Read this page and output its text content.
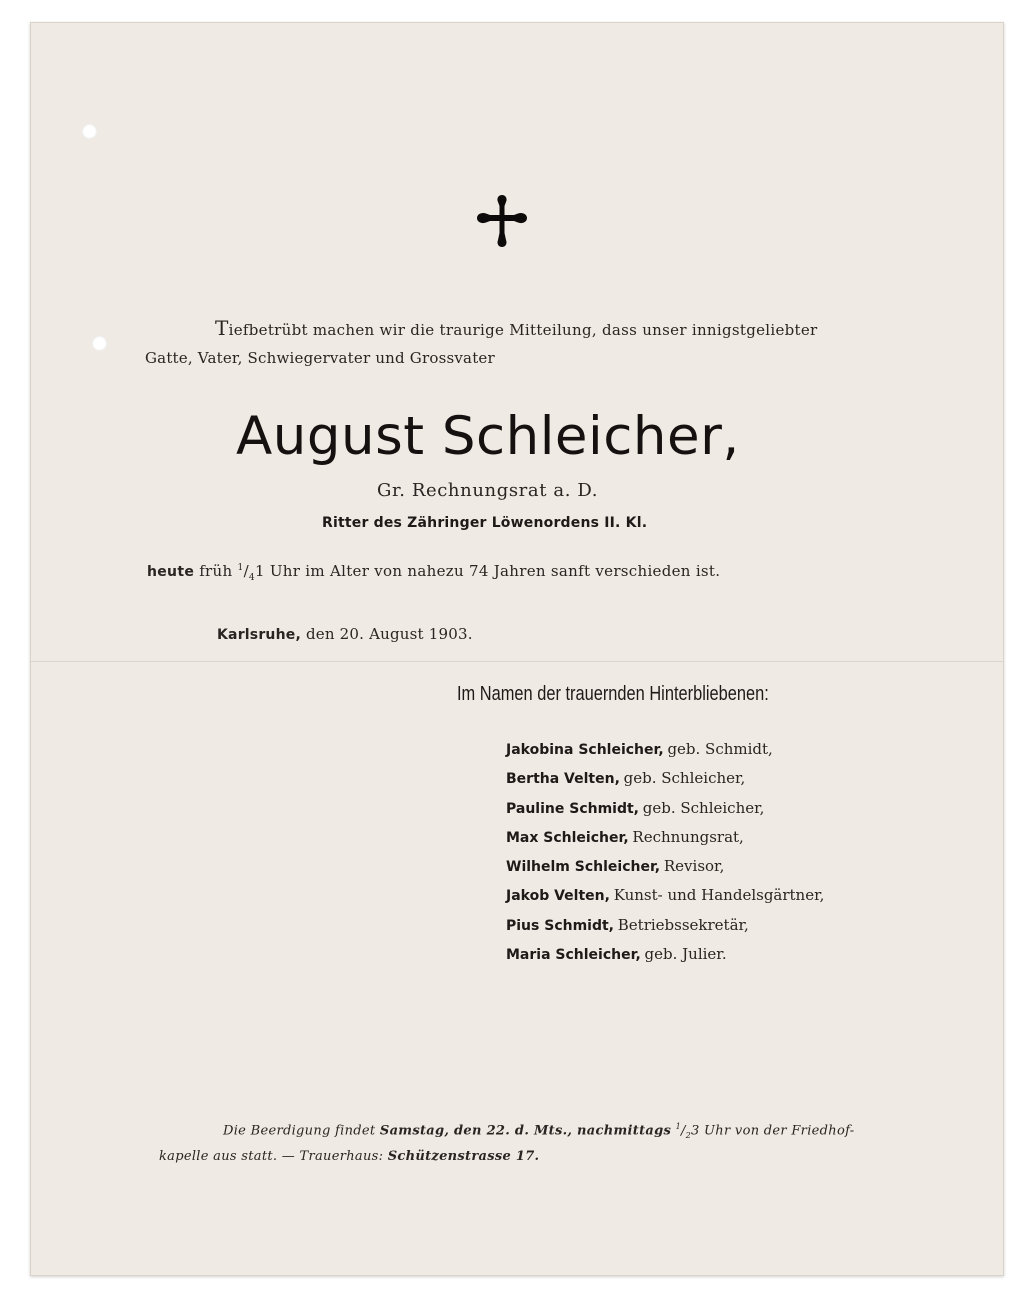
Tiefbetrübt machen wir die traurige Mitteilung, dass unser innigstgeliebter
Gatte, Vater, Schwiegervater und Grossvater
August Schleicher,
Gr. Rechnungsrat a. D.
Ritter des Zähringer Löwenordens II. Kl.
heute früh $^1/_41$ Uhr im Alter von nahezu 74 Jahren sanft verschieden ist.
Karlsruhe, den 20. August 1903.
Im Namen der trauernden Hinterbliebenen:
Jakobina Schleicher, geb. Schmidt,
Bertha Velten, geb. Schleicher,
Pauline Schmidt, geb. Schleicher,
Max Schleicher, Rechnungsrat,
Wilhelm Schleicher, Revisor,
Jakob Velten, Kunst- und Handelsgärtner,
Pius Schmidt, Betriebssekretär,
Maria Schleicher, geb. Julier.
Die Beerdigung findet Samstag, den 22. d. Mts., nachmittags $^1/_23$ Uhr von der Friedhof-
kapelle aus statt. — Trauerhaus: Schützenstrasse 17.
